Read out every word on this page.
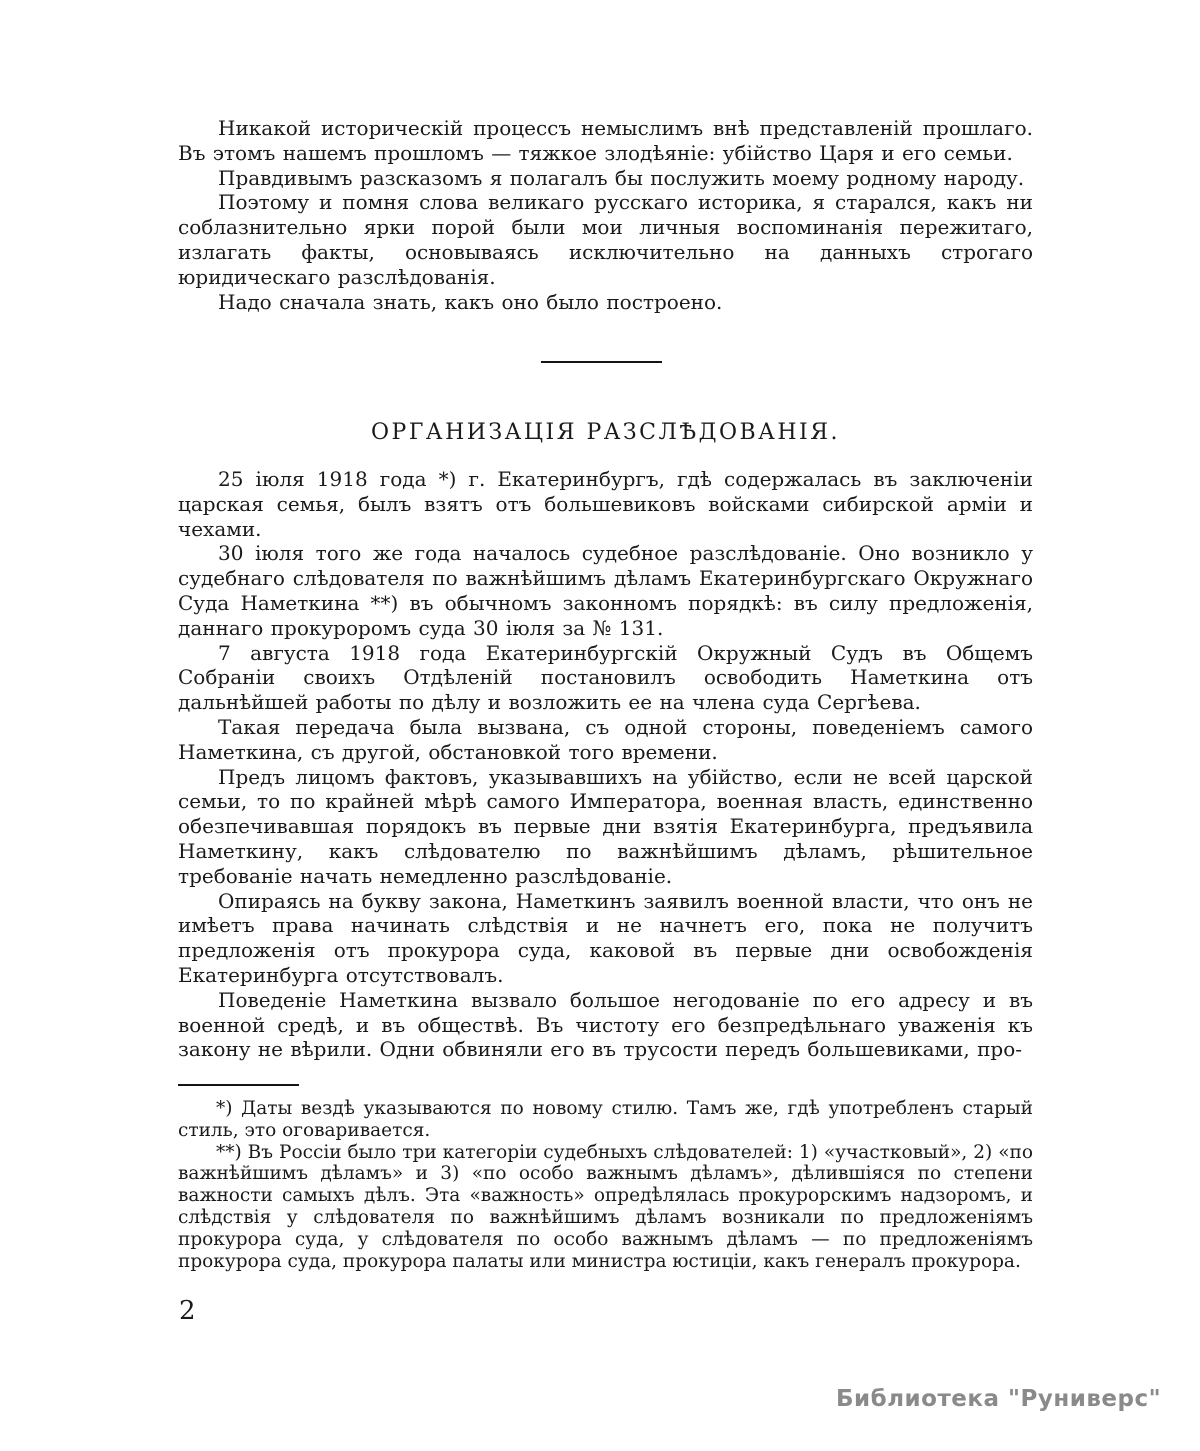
Никакой историческій процессъ немыслимъ внѣ представленій прошлаго. Въ этомъ нашемъ прошломъ — тяжкое злодѣяніе: убійство Царя и его семьи.

Правдивымъ разсказомъ я полагалъ бы послужить моему родному народу.

Поэтому и помня слова великаго русскаго историка, я старался, какъ ни соблазнительно ярки порой были мои личныя воспоминанія пережитаго, излагать факты, основываясь исключительно на данныхъ строгаго юридическаго разслѣдованія.

Надо сначала знать, какъ оно было построено.

ОРГАНИЗАЦІЯ РАЗСЛѢДОВАНІЯ.

25 іюля 1918 года *) г. Екатеринбургъ, гдѣ содержалась въ заключеніи царская семья, былъ взятъ отъ большевиковъ войсками сибирской арміи и чехами.

30 іюля того же года началось судебное разслѣдованіе. Оно возникло у судебнаго слѣдователя по важнѣйшимъ дѣламъ Екатеринбургскаго Окружнаго Суда Наметкина **) въ обычномъ законномъ порядкѣ: въ силу предложенія, даннаго прокуроромъ суда 30 іюля за № 131.

7 августа 1918 года Екатеринбургскій Окружный Судъ въ Общемъ Собраніи своихъ Отдѣленій постановилъ освободить Наметкина отъ дальнѣйшей работы по дѣлу и возложить ее на члена суда Сергѣева.

Такая передача была вызвана, съ одной стороны, поведеніемъ самого Наметкина, съ другой, обстановкой того времени.

Предъ лицомъ фактовъ, указывавшихъ на убійство, если не всей царской семьи, то по крайней мѣрѣ самого Императора, военная власть, единственно обезпечивавшая порядокъ въ первые дни взятія Екатеринбурга, предъявила Наметкину, какъ слѣдователю по важнѣйшимъ дѣламъ, рѣшительное требованіе начать немедленно разслѣдованіе.

Опираясь на букву закона, Наметкинъ заявилъ военной власти, что онъ не имѣетъ права начинать слѣдствія и не начнетъ его, пока не получитъ предложенія отъ прокурора суда, каковой въ первые дни освобожденія Екатеринбурга отсутствовалъ.

Поведеніе Наметкина вызвало большое негодованіе по его адресу и въ военной средѣ, и въ обществѣ. Въ чистоту его безпредѣльнаго уваженія къ закону не вѣрили. Одни обвиняли его въ трусости передъ большевиками, про-

*) Даты вездѣ указываются по новому стилю. Тамъ же, гдѣ употребленъ старый стиль, это оговаривается.

**) Въ Россіи было три категоріи судебныхъ слѣдователей: 1) «участковый», 2) «по важнѣйшимъ дѣламъ» и 3) «по особо важнымъ дѣламъ», дѣлившіяся по степени важности самыхъ дѣлъ. Эта «важность» опредѣлялась прокурорскимъ надзоромъ, и слѣдствія у слѣдователя по важнѣйшимъ дѣламъ возникали по предложеніямъ прокурора суда, у слѣдователя по особо важнымъ дѣламъ — по предложеніямъ прокурора суда, прокурора палаты или министра юстиціи, какъ генералъ прокурора.

2
Библиотека "Руниверс"
